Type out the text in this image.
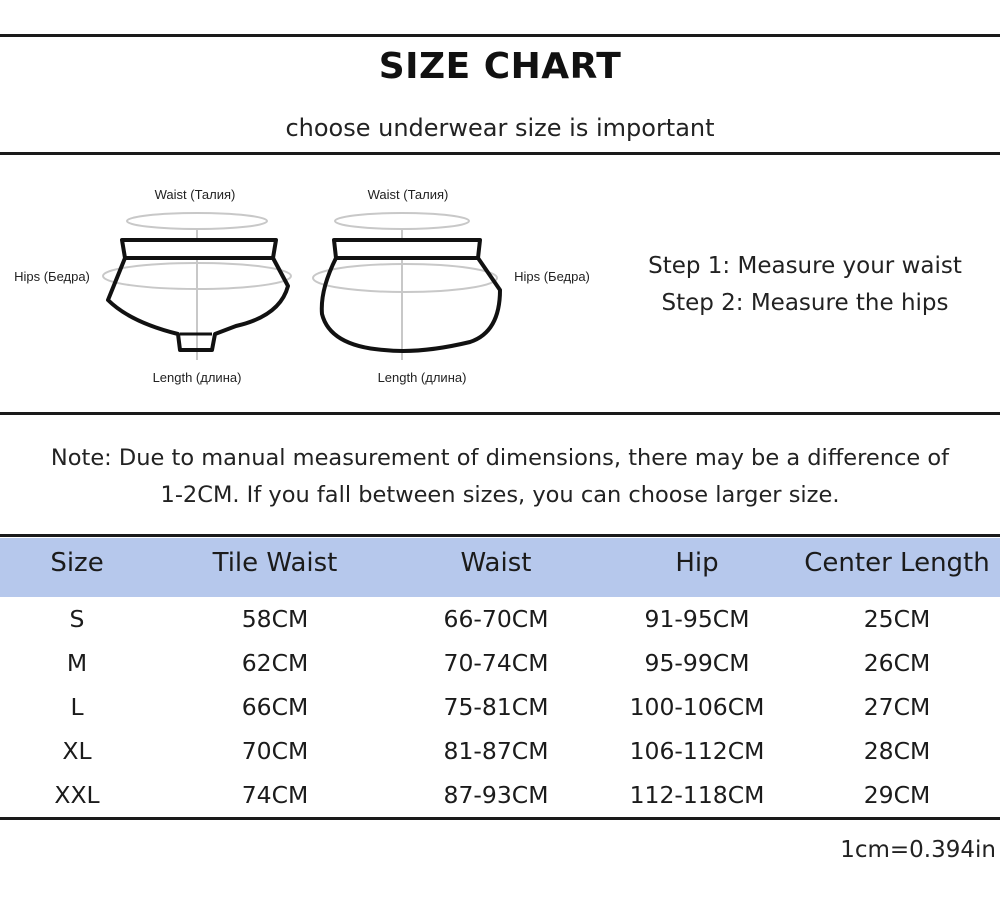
SIZE CHART
choose underwear size is important
Waist (Талия)
Hips (Бедра)
Length (длина)
Waist (Талия)
Hips (Бедра)
Length (длина)
Step 1: Measure your waist
Step 2: Measure the hips
Note: Due to manual measurement of dimensions, there may be a difference of
1-2CM. If you fall between sizes, you can choose larger size.
Size	Tile Waist	Waist	Hip	Center Length
S	58CM	66-70CM	91-95CM	25CM
M	62CM	70-74CM	95-99CM	26CM
L	66CM	75-81CM	100-106CM	27CM
XL	70CM	81-87CM	106-112CM	28CM
XXL	74CM	87-93CM	112-118CM	29CM
1cm=0.394in
